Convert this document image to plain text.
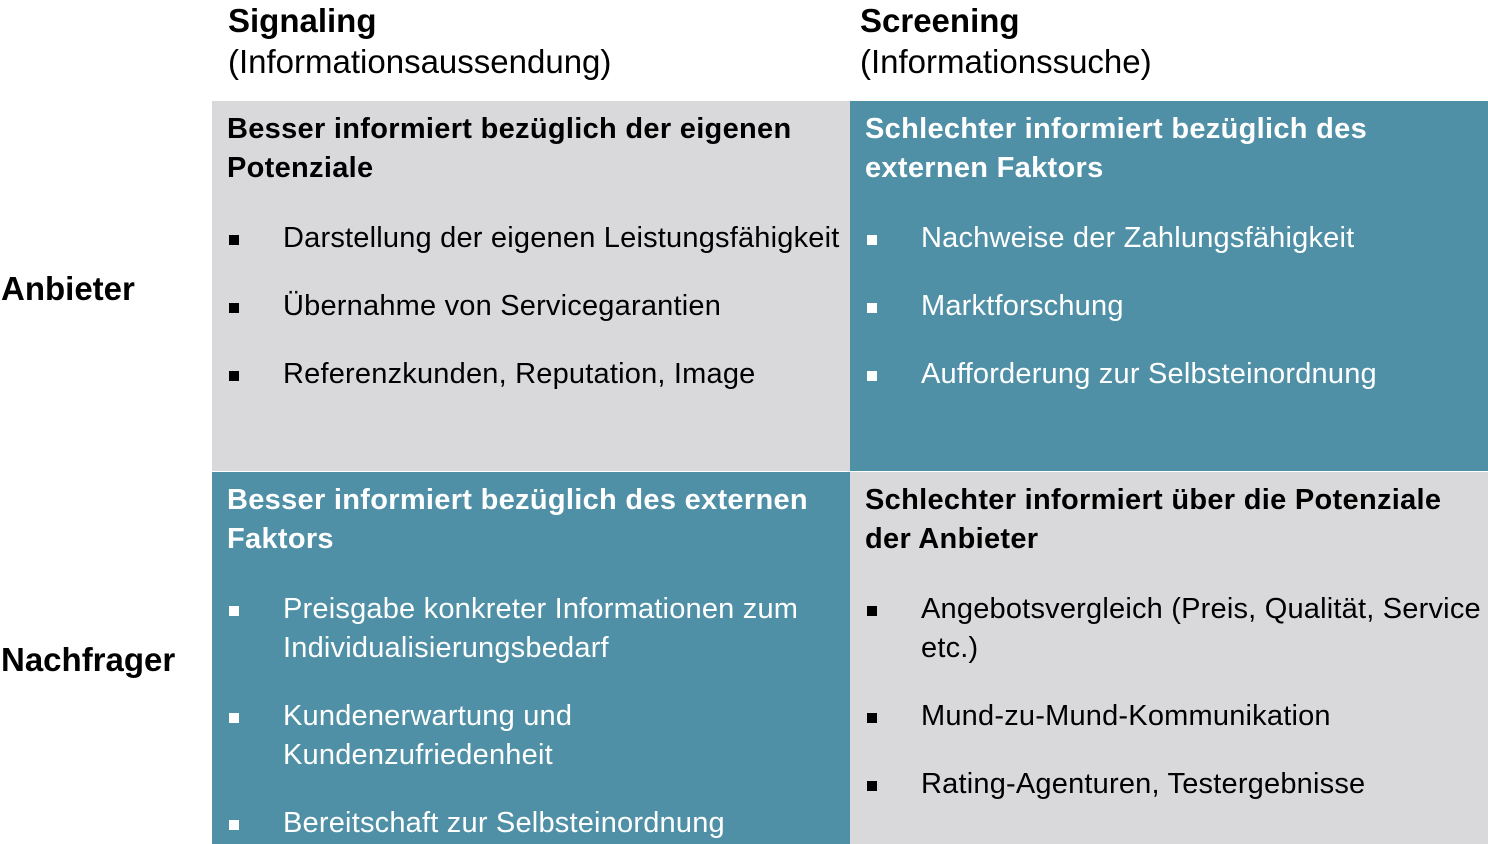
Signaling
(Informationsaussendung)
Screening
(Informationssuche)
Anbieter
Nachfrager
Besser informiert bezüglich der eigenen Potenziale
Darstellung der eigenen Leistungsfähigkeit
Übernahme von Servicegarantien
Referenzkunden, Reputation, Image
Schlechter informiert bezüglich des externen Faktors
Nachweise der Zahlungsfähigkeit
Marktforschung
Aufforderung zur Selbsteinordnung
Besser informiert bezüglich des externen Faktors
Preisgabe konkreter Informationen zum Individualisierungsbedarf
Kundenerwartung und Kundenzufriedenheit
Bereitschaft zur Selbsteinordnung
Schlechter informiert über die Potenziale der Anbieter
Angebotsvergleich (Preis, Qualität, Service etc.)
Mund-zu-Mund-Kommunikation
Rating-Agenturen, Testergebnisse
